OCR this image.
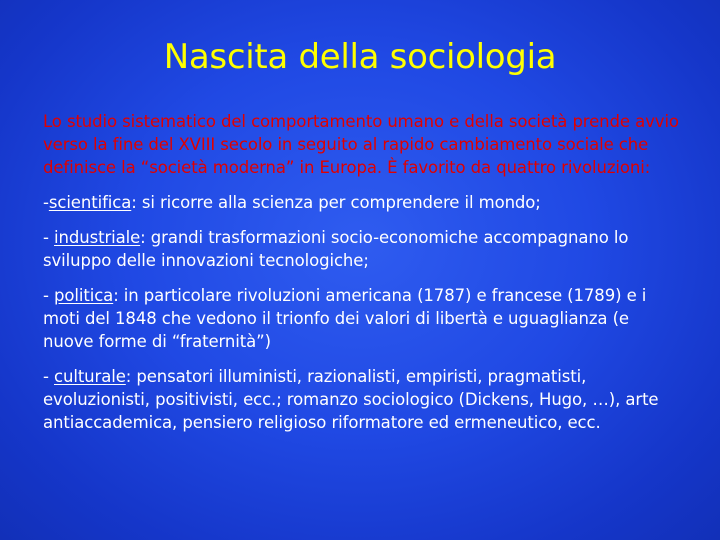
Nascita della sociologia

Lo studio sistematico del comportamento umano e della società prende avvio verso la fine del XVIII secolo in seguito al rapido cambiamento sociale che definisce la “società moderna” in Europa. È favorito da quattro rivoluzioni:

-scientifica: si ricorre alla scienza per comprendere il mondo;

- industriale: grandi trasformazioni socio-economiche accompagnano lo sviluppo delle innovazioni tecnologiche;

- politica: in particolare rivoluzioni americana (1787) e francese (1789) e i moti del 1848 che vedono il trionfo dei valori di libertà e uguaglianza (e nuove forme di “fraternità”)

- culturale: pensatori illuministi, razionalisti, empiristi, pragmatisti, evoluzionisti, positivisti, ecc.; romanzo sociologico (Dickens, Hugo, …), arte antiaccademica, pensiero religioso riformatore ed ermeneutico, ecc.
